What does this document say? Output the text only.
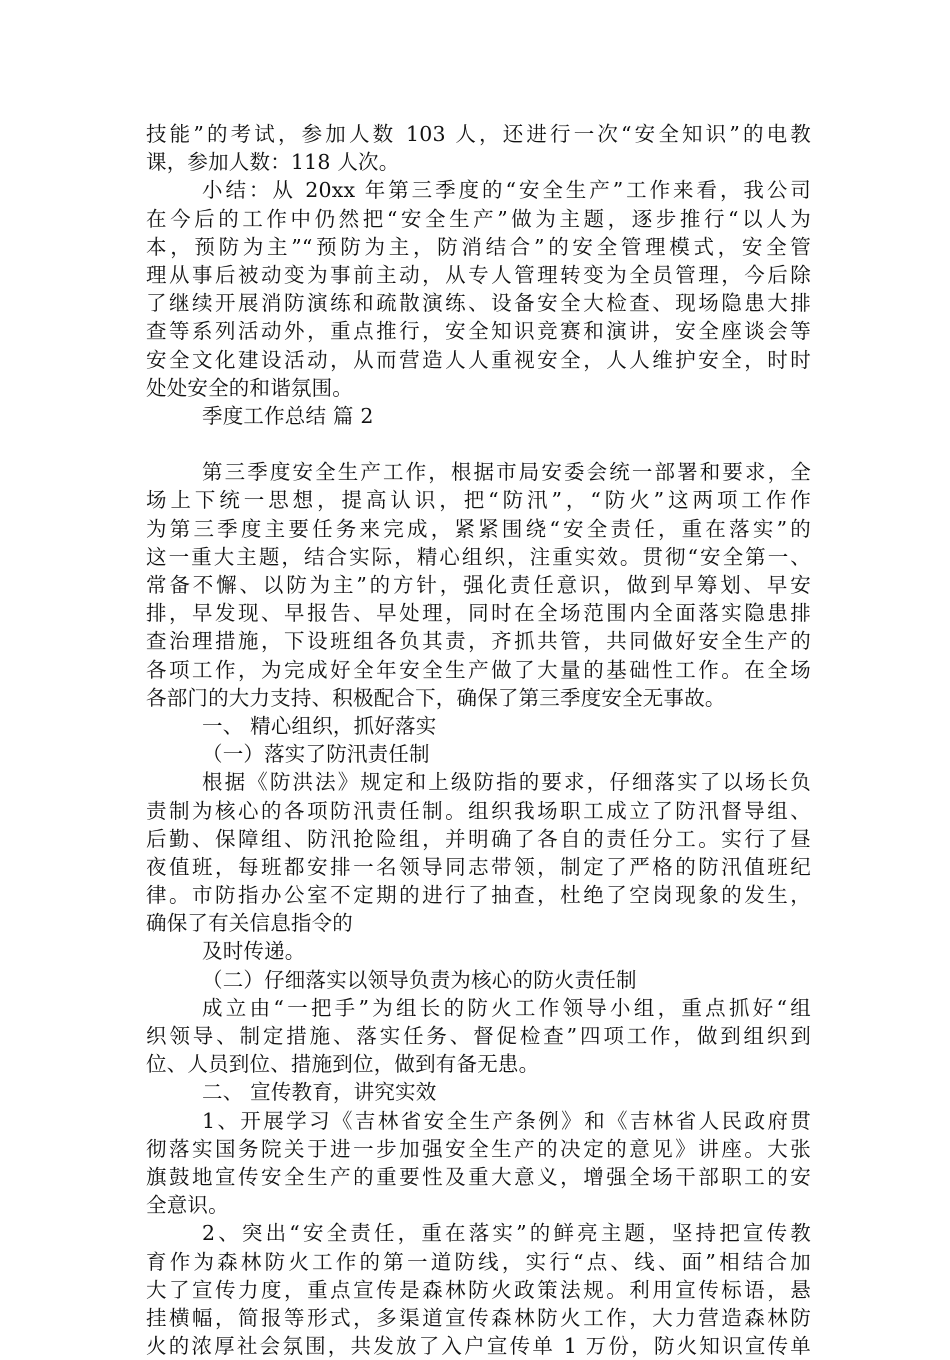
技能”的考试，参加人数 103 人，还进行一次“安全知识”的电教
课，参加人数：118 人次。
小结：从 20xx 年第三季度的“安全生产”工作来看，我公司
在今后的工作中仍然把“安全生产”做为主题，逐步推行“以人为
本，预防为主”“预防为主，防消结合”的安全管理模式，安全管
理从事后被动变为事前主动，从专人管理转变为全员管理，今后除
了继续开展消防演练和疏散演练、设备安全大检查、现场隐患大排
查等系列活动外，重点推行，安全知识竞赛和演讲，安全座谈会等
安全文化建设活动，从而营造人人重视安全，人人维护安全，时时
处处安全的和谐氛围。
季度工作总结 篇 2
第三季度安全生产工作，根据市局安委会统一部署和要求，全
场上下统一思想，提高认识，把“防汛”，“防火”这两项工作作
为第三季度主要任务来完成，紧紧围绕“安全责任，重在落实”的
这一重大主题，结合实际，精心组织，注重实效。贯彻“安全第一、
常备不懈、以防为主”的方针，强化责任意识，做到早筹划、早安
排，早发现、早报告、早处理，同时在全场范围内全面落实隐患排
查治理措施，下设班组各负其责，齐抓共管，共同做好安全生产的
各项工作，为完成好全年安全生产做了大量的基础性工作。在全场
各部门的大力支持、积极配合下，确保了第三季度安全无事故。
一、 精心组织，抓好落实
（一）落实了防汛责任制
根据《防洪法》规定和上级防指的要求，仔细落实了以场长负
责制为核心的各项防汛责任制。组织我场职工成立了防汛督导组、
后勤、保障组、防汛抢险组，并明确了各自的责任分工。实行了昼
夜值班，每班都安排一名领导同志带领，制定了严格的防汛值班纪
律。市防指办公室不定期的进行了抽查，杜绝了空岗现象的发生，
确保了有关信息指令的
及时传递。
（二）仔细落实以领导负责为核心的防火责任制
成立由“一把手”为组长的防火工作领导小组，重点抓好“组
织领导、制定措施、落实任务、督促检查”四项工作，做到组织到
位、人员到位、措施到位，做到有备无患。
二、 宣传教育，讲究实效
1、开展学习《吉林省安全生产条例》和《吉林省人民政府贯
彻落实国务院关于进一步加强安全生产的决定的意见》讲座。大张
旗鼓地宣传安全生产的重要性及重大意义，增强全场干部职工的安
全意识。
2、突出“安全责任，重在落实”的鲜亮主题，坚持把宣传教
育作为森林防火工作的第一道防线，实行“点、线、面”相结合加
大了宣传力度，重点宣传是森林防火政策法规。利用宣传标语，悬
挂横幅，简报等形式，多渠道宣传森林防火工作，大力营造森林防
火的浓厚社会氛围，共发放了入户宣传单 1 万份，防火知识宣传单
